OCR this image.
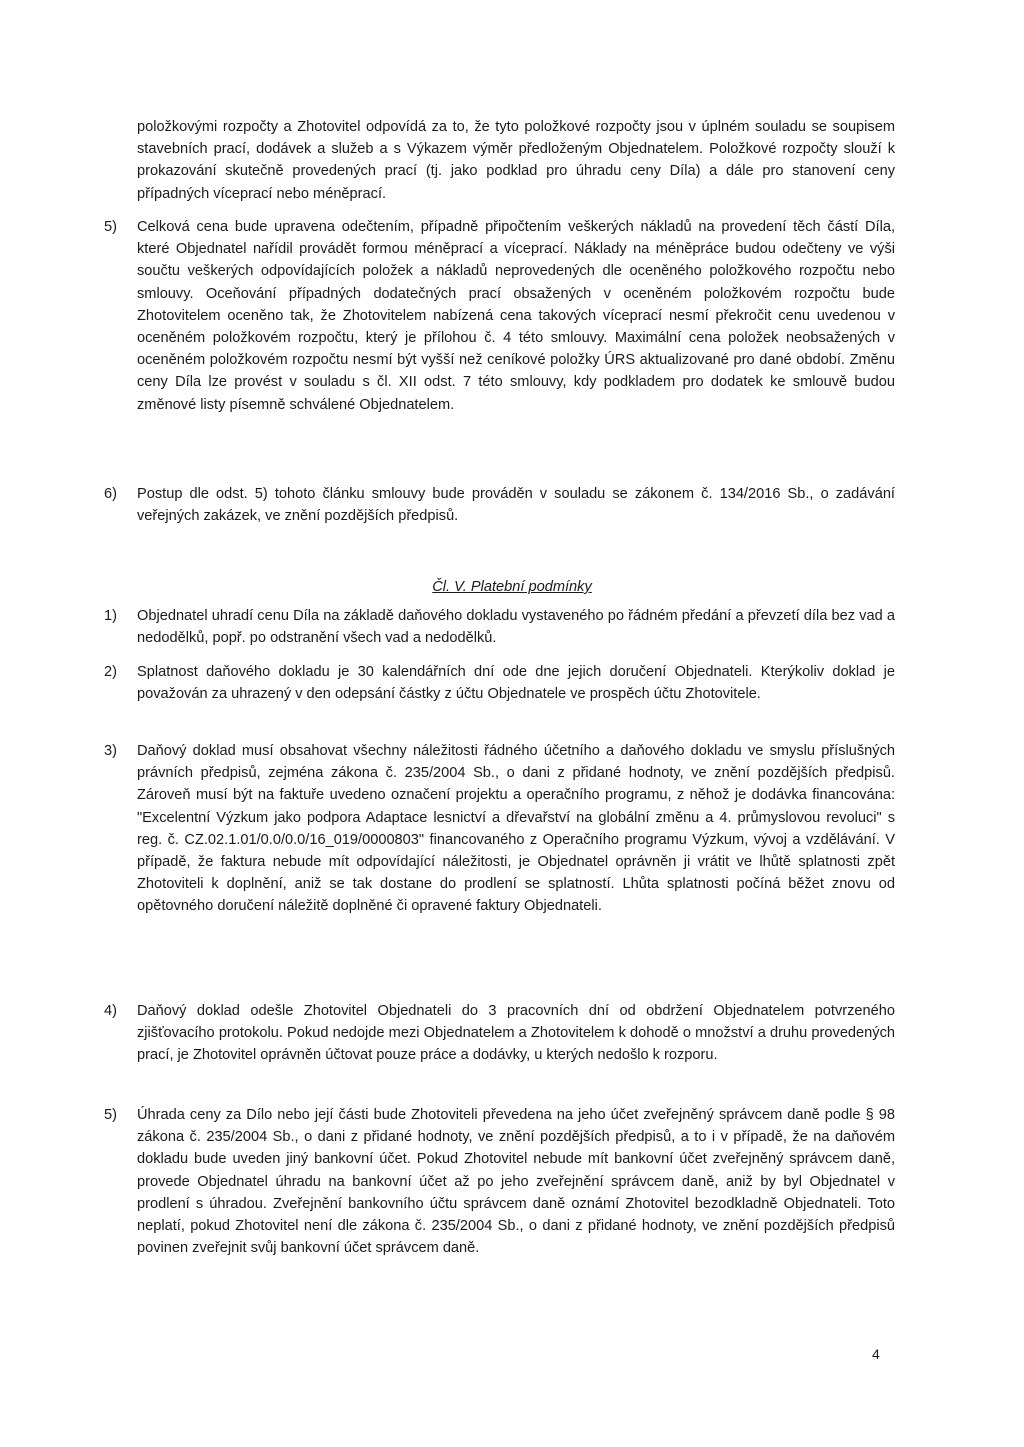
položkovými rozpočty a Zhotovitel odpovídá za to, že tyto položkové rozpočty jsou v úplném souladu se soupisem stavebních prací, dodávek a služeb a s Výkazem výměr předloženým Objednatelem. Položkové rozpočty slouží k prokazování skutečně provedených prací (tj. jako podklad pro úhradu ceny Díla) a dále pro stanovení ceny případných víceprací nebo méněprací.

5)	Celková cena bude upravena odečtením, případně připočtením veškerých nákladů na provedení těch částí Díla, které Objednatel nařídil provádět formou méněprací a víceprací. Náklady na méněpráce budou odečteny ve výši součtu veškerých odpovídajících položek a nákladů neprovedených dle oceněného položkového rozpočtu nebo smlouvy. Oceňování případných dodatečných prací obsažených v oceněném položkovém rozpočtu bude Zhotovitelem oceněno tak, že Zhotovitelem nabízená cena takových víceprací nesmí překročit cenu uvedenou v oceněném položkovém rozpočtu, který je přílohou č. 4 této smlouvy. Maximální cena položek neobsažených v oceněném položkovém rozpočtu nesmí být vyšší než ceníkové položky ÚRS aktualizované pro dané období. Změnu ceny Díla lze provést v souladu s čl. XII odst. 7 této smlouvy, kdy podkladem pro dodatek ke smlouvě budou změnové listy písemně schválené Objednatelem.
6)	Postup dle odst. 5) tohoto článku smlouvy bude prováděn v souladu se zákonem č. 134/2016 Sb., o zadávání veřejných zakázek, ve znění pozdějších předpisů.
Čl. V. Platební podmínky
1)	Objednatel uhradí cenu Díla na základě daňového dokladu vystaveného po řádném předání a převzetí díla bez vad a nedodělků, popř. po odstranění všech vad a nedodělků.
2)	Splatnost daňového dokladu je 30 kalendářních dní ode dne jejich doručení Objednateli. Kterýkoliv doklad je považován za uhrazený v den odepsání částky z účtu Objednatele ve prospěch účtu Zhotovitele.
3)	Daňový doklad musí obsahovat všechny náležitosti řádného účetního a daňového dokladu ve smyslu příslušných právních předpisů, zejména zákona č. 235/2004 Sb., o dani z přidané hodnoty, ve znění pozdějších předpisů. Zároveň musí být na faktuře uvedeno označení projektu a operačního programu, z něhož je dodávka financována: "Excelentní Výzkum jako podpora Adaptace lesnictví a dřevařství na globální změnu a 4. průmyslovou revoluci" s reg. č. CZ.02.1.01/0.0/0.0/16_019/0000803" financovaného z Operačního programu Výzkum, vývoj a vzdělávání. V případě, že faktura nebude mít odpovídající náležitosti, je Objednatel oprávněn ji vrátit ve lhůtě splatnosti zpět Zhotoviteli k doplnění, aniž se tak dostane do prodlení se splatností. Lhůta splatnosti počíná běžet znovu od opětovného doručení náležitě doplněné či opravené faktury Objednateli.
4)	Daňový doklad odešle Zhotovitel Objednateli do 3 pracovních dní od obdržení Objednatelem potvrzeného zjišťovacího protokolu. Pokud nedojde mezi Objednatelem a Zhotovitelem k dohodě o množství a druhu provedených prací, je Zhotovitel oprávněn účtovat pouze práce a dodávky, u kterých nedošlo k rozporu.
5)	Úhrada ceny za Dílo nebo její části bude Zhotoviteli převedena na jeho účet zveřejněný správcem daně podle § 98 zákona č. 235/2004 Sb., o dani z přidané hodnoty, ve znění pozdějších předpisů, a to i v případě, že na daňovém dokladu bude uveden jiný bankovní účet. Pokud Zhotovitel nebude mít bankovní účet zveřejněný správcem daně, provede Objednatel úhradu na bankovní účet až po jeho zveřejnění správcem daně, aniž by byl Objednatel v prodlení s úhradou. Zveřejnění bankovního účtu správcem daně oznámí Zhotovitel bezodkladně Objednateli. Toto neplatí, pokud Zhotovitel není dle zákona č. 235/2004 Sb., o dani z přidané hodnoty, ve znění pozdějších předpisů povinen zveřejnit svůj bankovní účet správcem daně.
4
